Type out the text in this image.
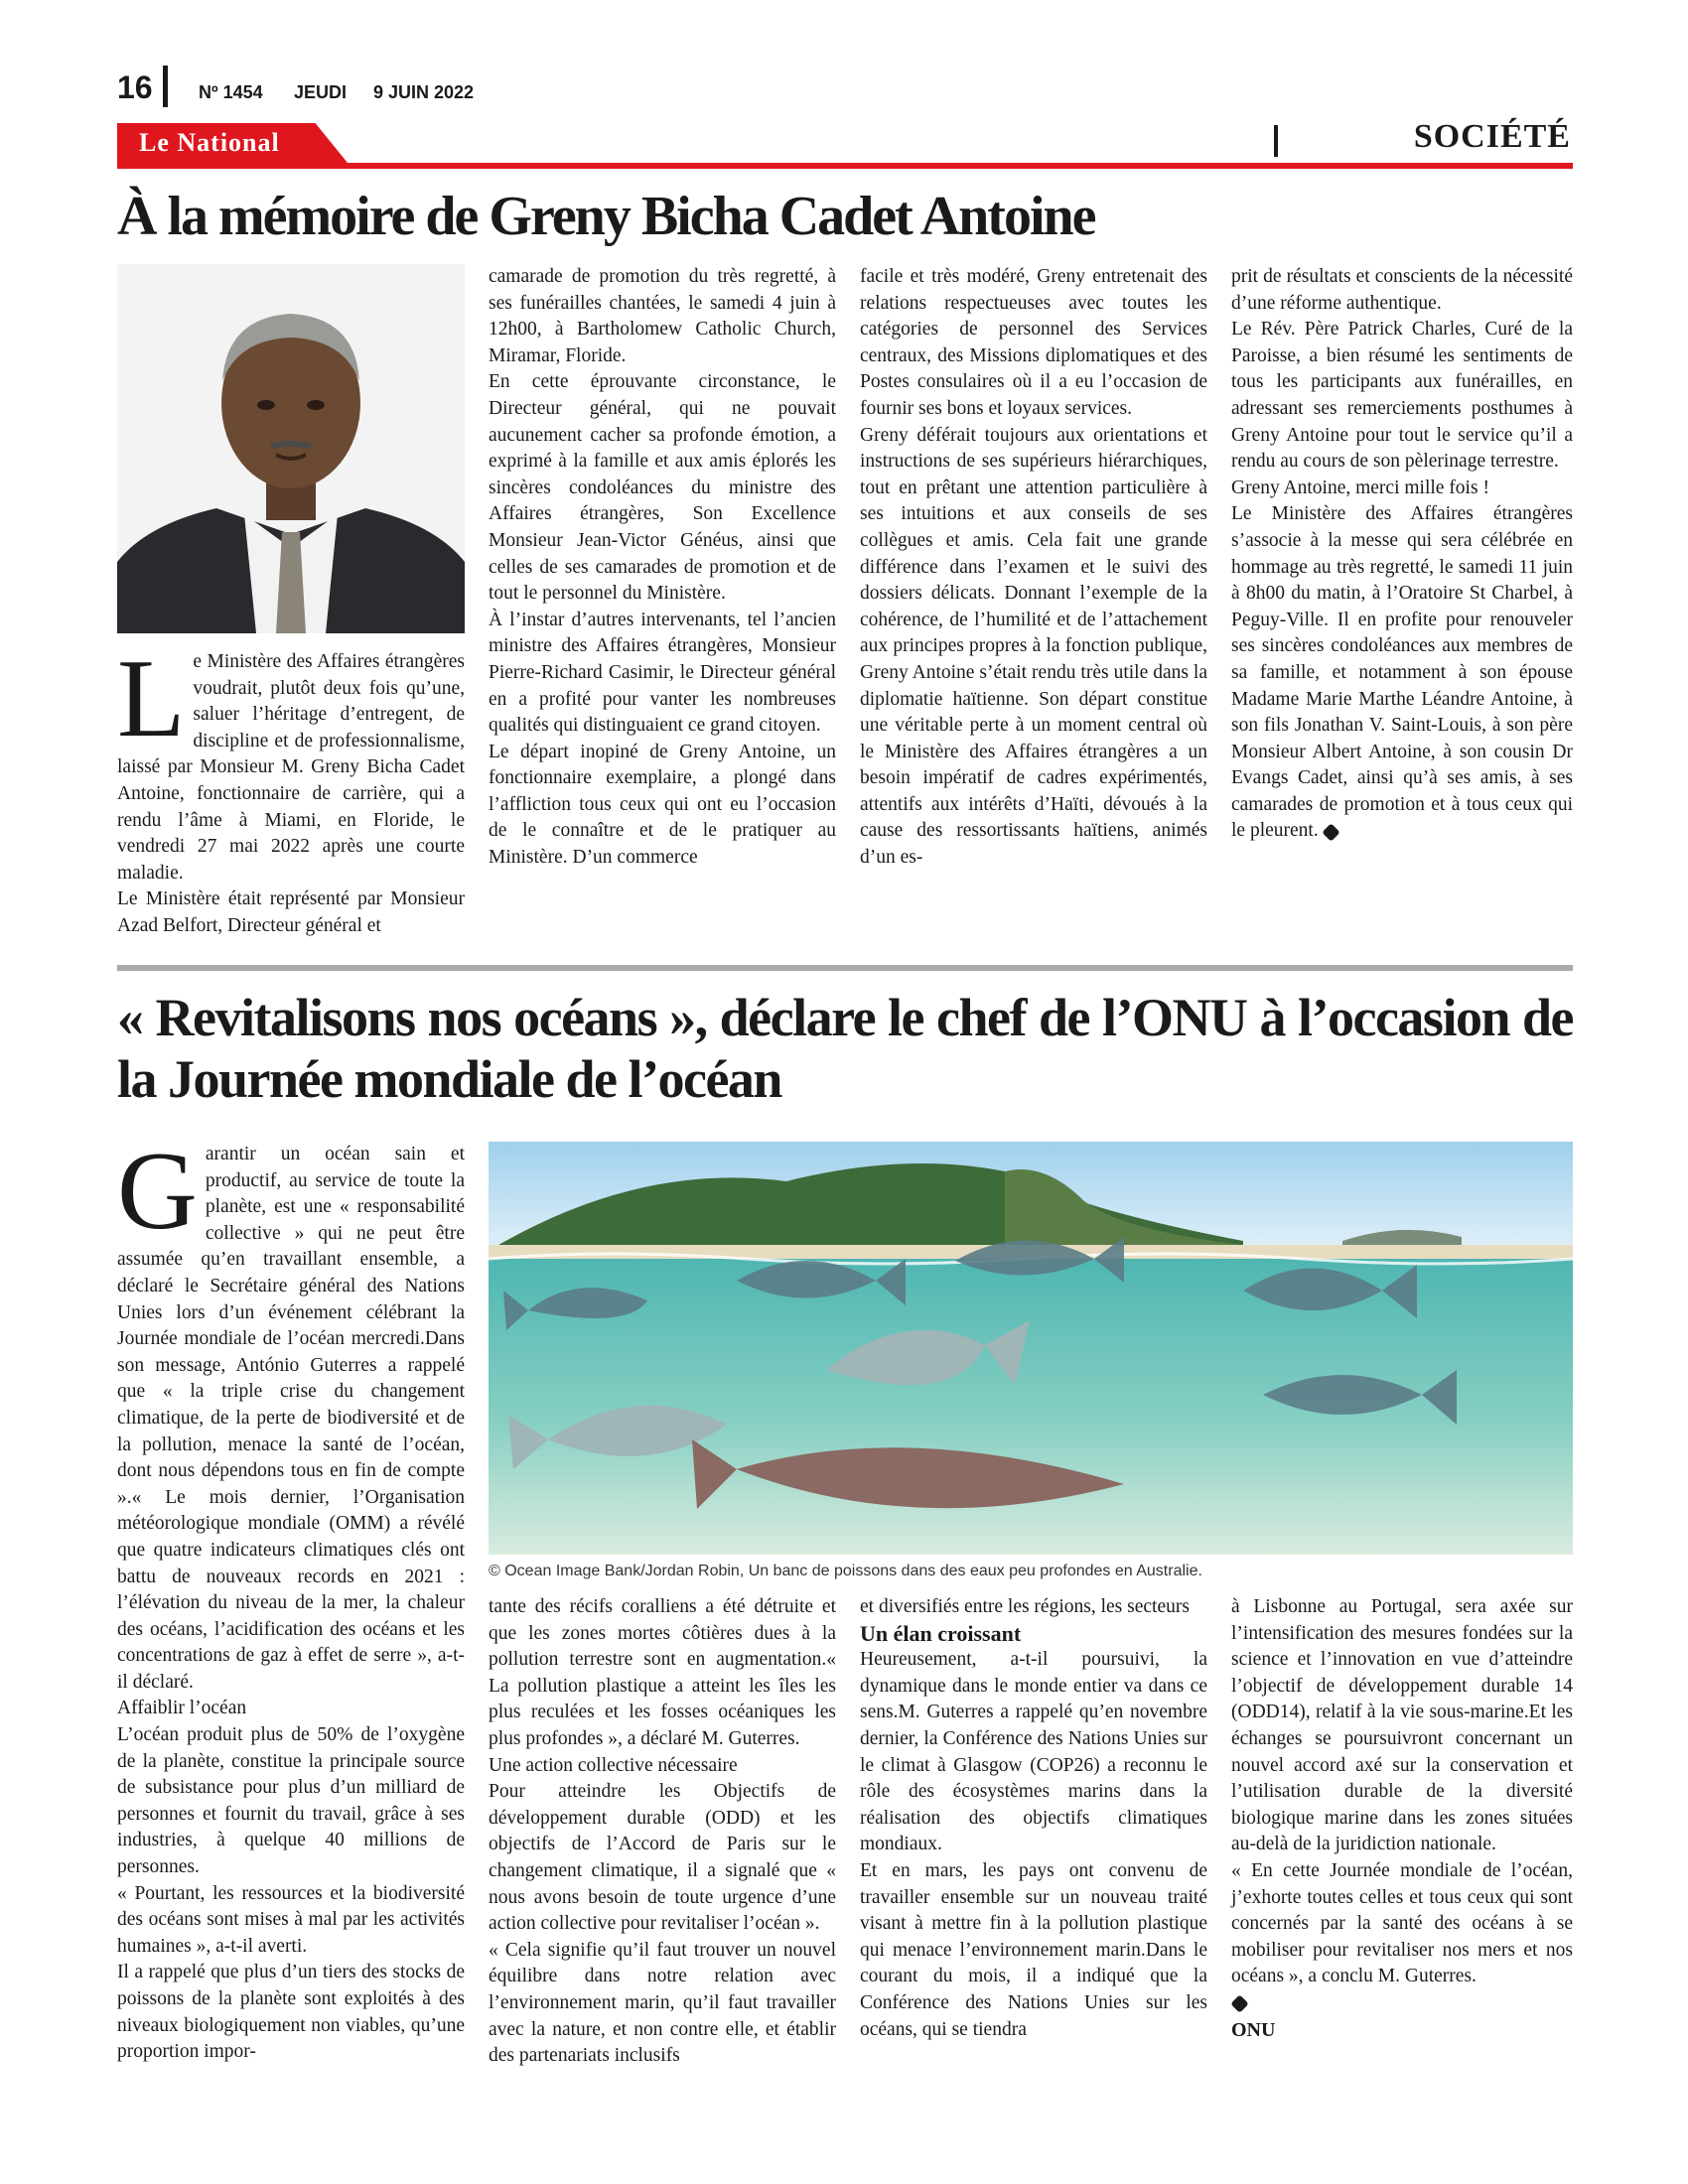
16	Nº 1454 JEUDI 9 JUIN 2022
Le National	SOCIÉTÉ
À la mémoire de Greny Bicha Cadet Antoine

Le Ministère des Affaires étrangères voudrait, plutôt deux fois qu’une, saluer l’héritage d’entregent, de discipline et de professionnalisme, laissé par Monsieur M. Greny Bicha Cadet Antoine, fonctionnaire de carrière, qui a rendu l’âme à Miami, en Floride, le vendredi 27 mai 2022 après une courte maladie.

Le Ministère était représenté par Monsieur Azad Belfort, Directeur général et

camarade de promotion du très regretté, à ses funérailles chantées, le samedi 4 juin à 12h00, à Bartholomew Catholic Church, Miramar, Floride.

En cette éprouvante circonstance, le Directeur général, qui ne pouvait aucunement cacher sa profonde émotion, a exprimé à la famille et aux amis éplorés les sincères condoléances du ministre des Affaires étrangères, Son Excellence Monsieur Jean-Victor Généus, ainsi que celles de ses camarades de promotion et de tout le personnel du Ministère.

À l’instar d’autres intervenants, tel l’ancien ministre des Affaires étrangères, Monsieur Pierre-Richard Casimir, le Directeur général en a profité pour vanter les nombreuses qualités qui distinguaient ce grand citoyen.

Le départ inopiné de Greny Antoine, un fonctionnaire exemplaire, a plongé dans l’affliction tous ceux qui ont eu l’occasion de le connaître et de le pratiquer au Ministère. D’un commerce

facile et très modéré, Greny entretenait des relations respectueuses avec toutes les catégories de personnel des Services centraux, des Missions diplomatiques et des Postes consulaires où il a eu l’occasion de fournir ses bons et loyaux services.

Greny déférait toujours aux orientations et instructions de ses supérieurs hiérarchiques, tout en prêtant une attention particulière à ses intuitions et aux conseils de ses collègues et amis. Cela fait une grande différence dans l’examen et le suivi des dossiers délicats. Donnant l’exemple de la cohérence, de l’humilité et de l’attachement aux principes propres à la fonction publique, Greny Antoine s’était rendu très utile dans la diplomatie haïtienne. Son départ constitue une véritable perte à un moment central où le Ministère des Affaires étrangères a un besoin impératif de cadres expérimentés, attentifs aux intérêts d’Haïti, dévoués à la cause des ressortissants haïtiens, animés d’un es-

prit de résultats et conscients de la nécessité d’une réforme authentique.

Le Rév. Père Patrick Charles, Curé de la Paroisse, a bien résumé les sentiments de tous les participants aux funérailles, en adressant ses remerciements posthumes à Greny Antoine pour tout le service qu’il a rendu au cours de son pèlerinage terrestre.

Greny Antoine, merci mille fois !

Le Ministère des Affaires étrangères s’associe à la messe qui sera célébrée en hommage au très regretté, le samedi 11 juin à 8h00 du matin, à l’Oratoire St Charbel, à Peguy-Ville. Il en profite pour renouveler ses sincères condoléances aux membres de sa famille, et notamment à son épouse Madame Marie Marthe Léandre Antoine, à son fils Jonathan V. Saint-Louis, à son père Monsieur Albert Antoine, à son cousin Dr Evangs Cadet, ainsi qu’à ses amis, à ses camarades de promotion et à tous ceux qui le pleurent.

« Revitalisons nos océans », déclare le chef de l’ONU à l’occasion de la Journée mondiale de l’océan
© Ocean Image Bank/Jordan Robin, Un banc de poissons dans des eaux peu profondes en Australie.

Garantir un océan sain et productif, au service de toute la planète, est une « responsabilité collective » qui ne peut être assumée qu’en travaillant ensemble, a déclaré le Secrétaire général des Nations Unies lors d’un événement célébrant la Journée mondiale de l’océan mercredi.Dans son message, António Guterres a rappelé que « la triple crise du changement climatique, de la perte de biodiversité et de la pollution, menace la santé de l’océan, dont nous dépendons tous en fin de compte ».« Le mois dernier, l’Organisation météorologique mondiale (OMM) a révélé que quatre indicateurs climatiques clés ont battu de nouveaux records en 2021 : l’élévation du niveau de la mer, la chaleur des océans, l’acidification des océans et les concentrations de gaz à effet de serre », a-t-il déclaré.

Affaiblir l’océan

L’océan produit plus de 50% de l’oxygène de la planète, constitue la principale source de subsistance pour plus d’un milliard de personnes et fournit du travail, grâce à ses industries, à quelque 40 millions de personnes.

« Pourtant, les ressources et la biodiversité des océans sont mises à mal par les activités humaines », a-t-il averti.

Il a rappelé que plus d’un tiers des stocks de poissons de la planète sont exploités à des niveaux biologiquement non viables, qu’une proportion impor-

tante des récifs coralliens a été détruite et que les zones mortes côtières dues à la pollution terrestre sont en augmentation.« La pollution plastique a atteint les îles les plus reculées et les fosses océaniques les plus profondes », a déclaré M. Guterres.

Une action collective nécessaire

Pour atteindre les Objectifs de développement durable (ODD) et les objectifs de l’Accord de Paris sur le changement climatique, il a signalé que « nous avons besoin de toute urgence d’une action collective pour revitaliser l’océan ».

« Cela signifie qu’il faut trouver un nouvel équilibre dans notre relation avec l’environnement marin, qu’il faut travailler avec la nature, et non contre elle, et établir des partenariats inclusifs

et diversifiés entre les régions, les secteurs

Un élan croissant

Heureusement, a-t-il poursuivi, la dynamique dans le monde entier va dans ce sens.M. Guterres a rappelé qu’en novembre dernier, la Conférence des Nations Unies sur le climat à Glasgow (COP26) a reconnu le rôle des écosystèmes marins dans la réalisation des objectifs climatiques mondiaux.

Et en mars, les pays ont convenu de travailler ensemble sur un nouveau traité visant à mettre fin à la pollution plastique qui menace l’environnement marin.Dans le courant du mois, il a indiqué que la Conférence des Nations Unies sur les océans, qui se tiendra

à Lisbonne au Portugal, sera axée sur l’intensification des mesures fondées sur la science et l’innovation en vue d’atteindre l’objectif de développement durable 14 (ODD14), relatif à la vie sous-marine.Et les échanges se poursuivront concernant un nouvel accord axé sur la conservation et l’utilisation durable de la diversité biologique marine dans les zones situées au-delà de la juridiction nationale.

« En cette Journée mondiale de l’océan, j’exhorte toutes celles et tous ceux qui sont concernés par la santé des océans à se mobiliser pour revitaliser nos mers et nos océans », a conclu M. Guterres.

ONU
